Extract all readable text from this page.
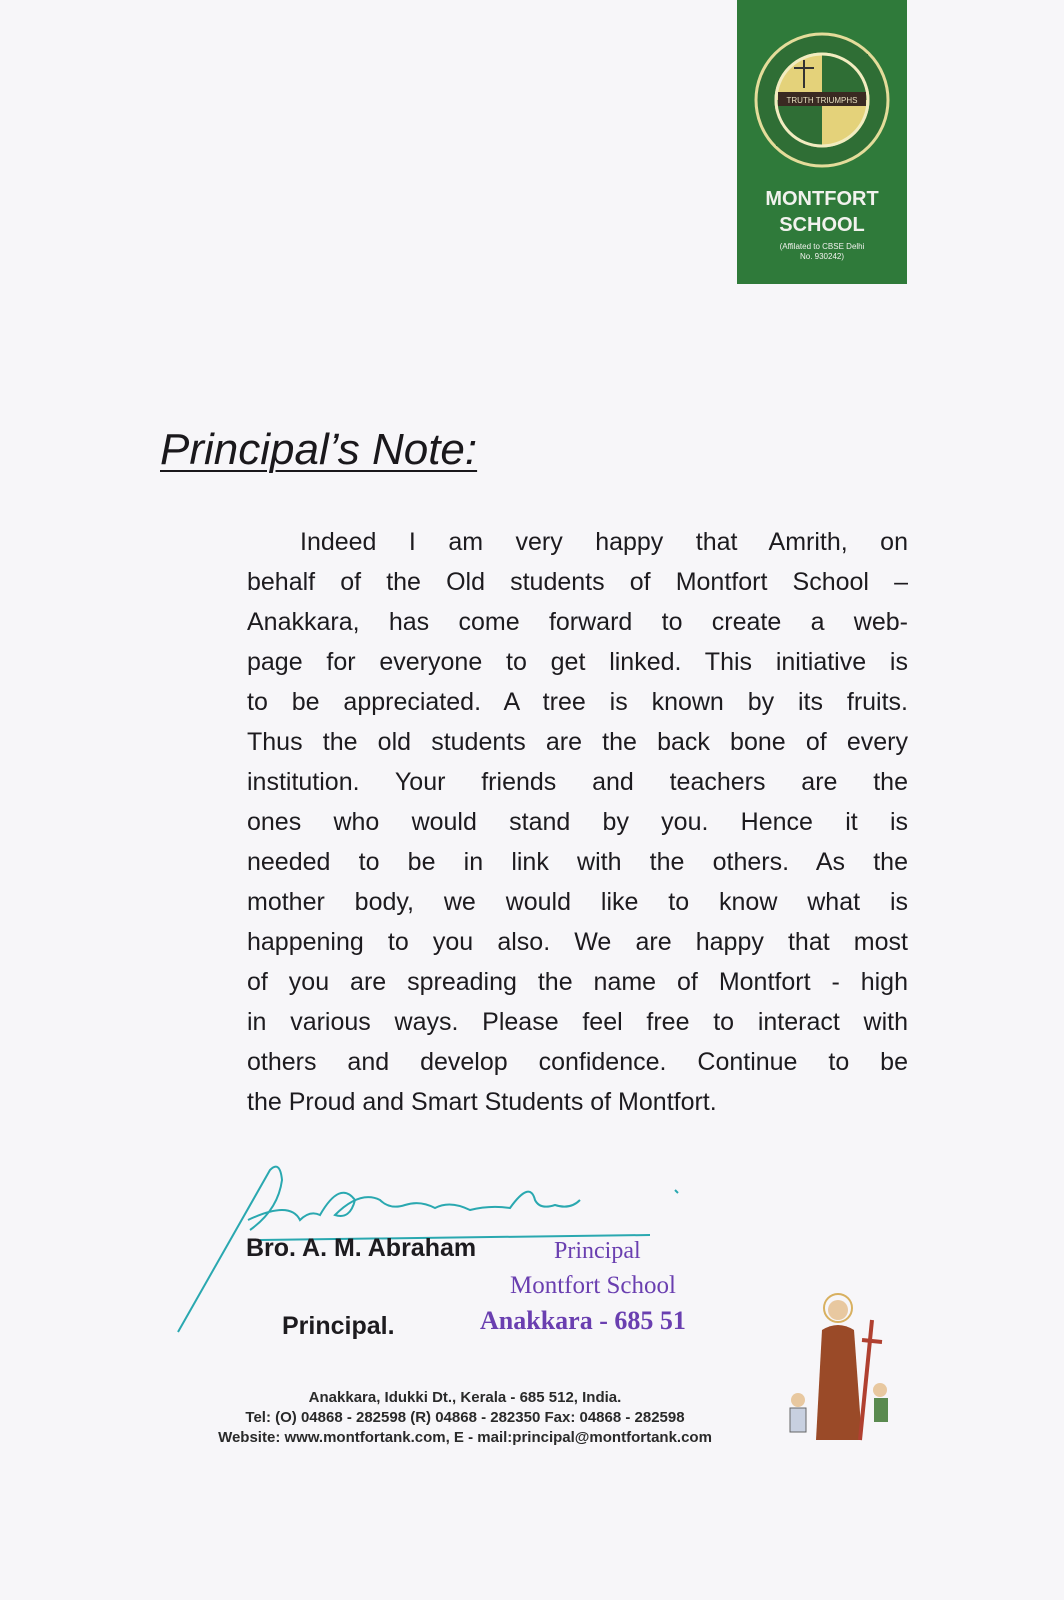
TRUTH TRIUMPHS
MONTFORT
SCHOOL
(Affilated to CBSE Delhi
No. 930242)
Principal’s Note:
Indeed I am very happy that Amrith, on
behalf of the Old students of Montfort School –
Anakkara, has come forward to create a web-
page for everyone to get linked. This initiative is
to be appreciated. A tree is known by its fruits.
Thus the old students are the back bone of every
institution. Your friends and teachers are the
ones who would stand by you. Hence it is
needed to be in link with the others. As the
mother body, we would like to know what is
happening to you also. We are happy that most
of you are spreading the name of Montfort - high
in various ways. Please feel free to interact with
others and develop confidence. Continue to be
the Proud and Smart Students of Montfort.
Bro. A. M. Abraham
Principal.
Principal
Montfort School
Anakkara - 685 51
Anakkara, Idukki Dt., Kerala - 685 512, India.
Tel: (O) 04868 - 282598 (R) 04868 - 282350 Fax: 04868 - 282598
Website: www.montfortank.com, E - mail:principal@montfortank.com
